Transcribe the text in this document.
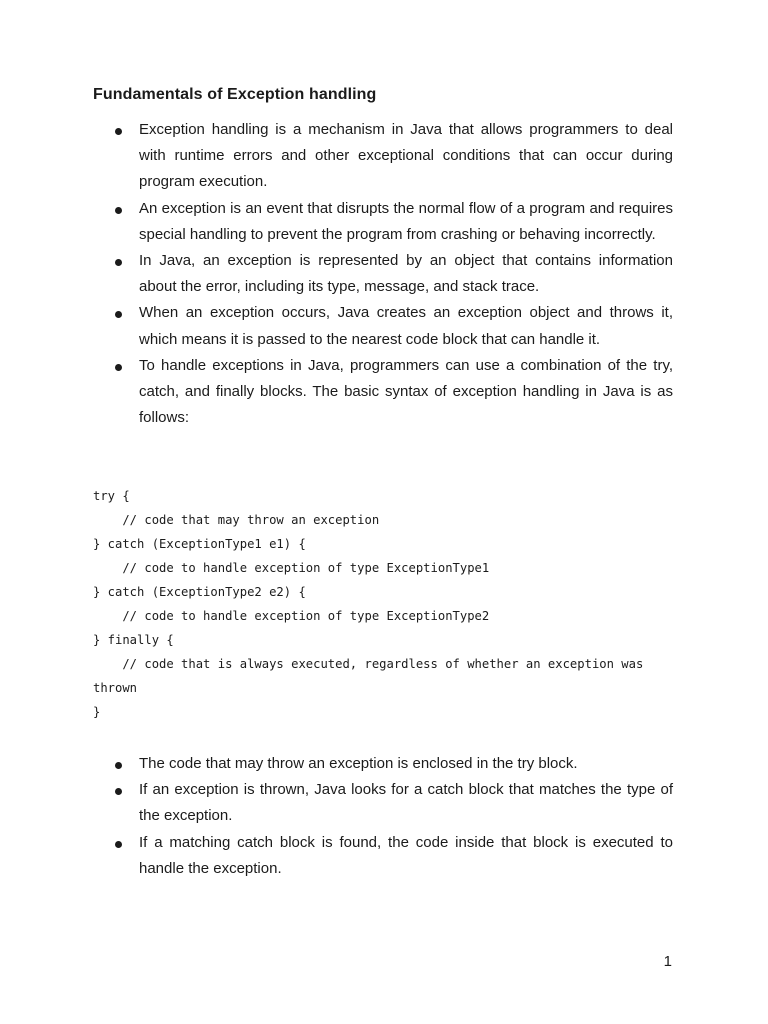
Fundamentals of Exception handling
Exception handling is a mechanism in Java that allows programmers to deal with runtime errors and other exceptional conditions that can occur during program execution.
An exception is an event that disrupts the normal flow of a program and requires special handling to prevent the program from crashing or behaving incorrectly.
In Java, an exception is represented by an object that contains information about the error, including its type, message, and stack trace.
When an exception occurs, Java creates an exception object and throws it, which means it is passed to the nearest code block that can handle it.
To handle exceptions in Java, programmers can use a combination of the try, catch, and finally blocks. The basic syntax of exception handling in Java is as follows:
try {
// code that may throw an exception
} catch (ExceptionType1 e1) {
// code to handle exception of type ExceptionType1
} catch (ExceptionType2 e2) {
// code to handle exception of type ExceptionType2
} finally {
// code that is always executed, regardless of whether an exception was
thrown
}
The code that may throw an exception is enclosed in the try block.
If an exception is thrown, Java looks for a catch block that matches the type of the exception.
If a matching catch block is found, the code inside that block is executed to handle the exception.
1
